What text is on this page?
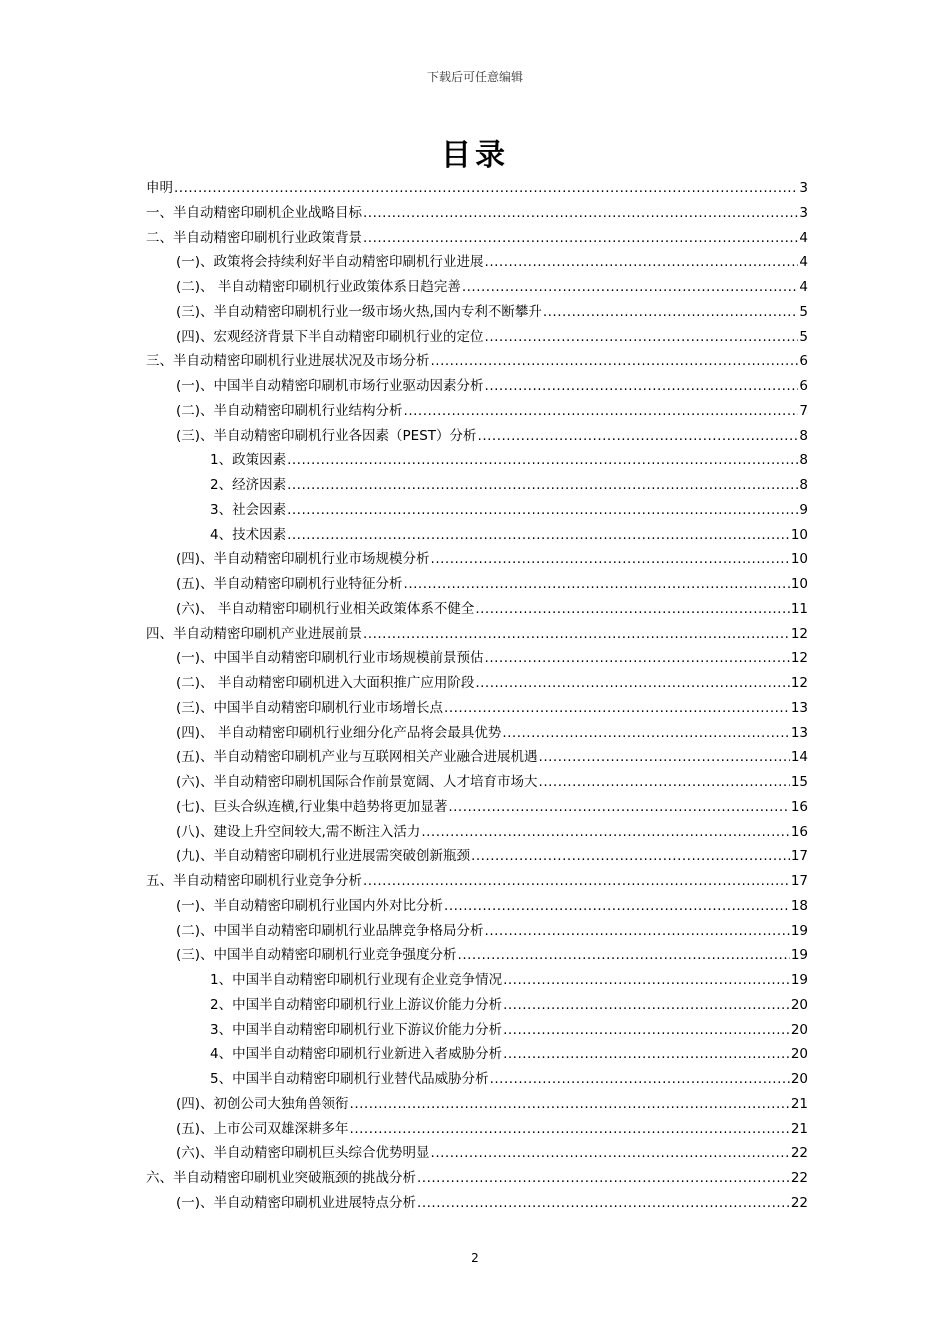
下载后可任意编辑
目录
申明 .....	3
一、半自动精密印刷机企业战略目标 .....	3
二、半自动精密印刷机行业政策背景 .....	4
(一)、政策将会持续利好半自动精密印刷机行业进展 .....	4
(二)、 半自动精密印刷机行业政策体系日趋完善 .....	4
(三)、半自动精密印刷机行业一级市场火热,国内专利不断攀升 .....	5
(四)、宏观经济背景下半自动精密印刷机行业的定位 .....	5
三、半自动精密印刷机行业进展状况及市场分析 .....	6
(一)、中国半自动精密印刷机市场行业驱动因素分析 .....	6
(二)、半自动精密印刷机行业结构分析 .....	7
(三)、半自动精密印刷机行业各因素（PEST）分析 .....	8
1、政策因素 .....	8
2、经济因素 .....	8
3、社会因素 .....	9
4、技术因素 .....	10
(四)、半自动精密印刷机行业市场规模分析 .....	10
(五)、半自动精密印刷机行业特征分析 .....	10
(六)、 半自动精密印刷机行业相关政策体系不健全 .....	11
四、半自动精密印刷机产业进展前景 .....	12
(一)、中国半自动精密印刷机行业市场规模前景预估 .....	12
(二)、 半自动精密印刷机进入大面积推广应用阶段 .....	12
(三)、中国半自动精密印刷机行业市场增长点 .....	13
(四)、 半自动精密印刷机行业细分化产品将会最具优势 .....	13
(五)、半自动精密印刷机产业与互联网相关产业融合进展机遇 .....	14
(六)、半自动精密印刷机国际合作前景宽阔、人才培育市场大 .....	15
(七)、巨头合纵连横,行业集中趋势将更加显著 .....	16
(八)、建设上升空间较大,需不断注入活力 .....	16
(九)、半自动精密印刷机行业进展需突破创新瓶颈 .....	17
五、半自动精密印刷机行业竞争分析 .....	17
(一)、半自动精密印刷机行业国内外对比分析 .....	18
(二)、中国半自动精密印刷机行业品牌竞争格局分析 .....	19
(三)、中国半自动精密印刷机行业竞争强度分析 .....	19
1、中国半自动精密印刷机行业现有企业竞争情况 .....	19
2、中国半自动精密印刷机行业上游议价能力分析 .....	20
3、中国半自动精密印刷机行业下游议价能力分析 .....	20
4、中国半自动精密印刷机行业新进入者威胁分析 .....	20
5、中国半自动精密印刷机行业替代品威胁分析 .....	20
(四)、初创公司大独角兽领衔 .....	21
(五)、上市公司双雄深耕多年 .....	21
(六)、半自动精密印刷机巨头综合优势明显 .....	22
六、半自动精密印刷机业突破瓶颈的挑战分析 .....	22
(一)、半自动精密印刷机业进展特点分析 .....	22
2
